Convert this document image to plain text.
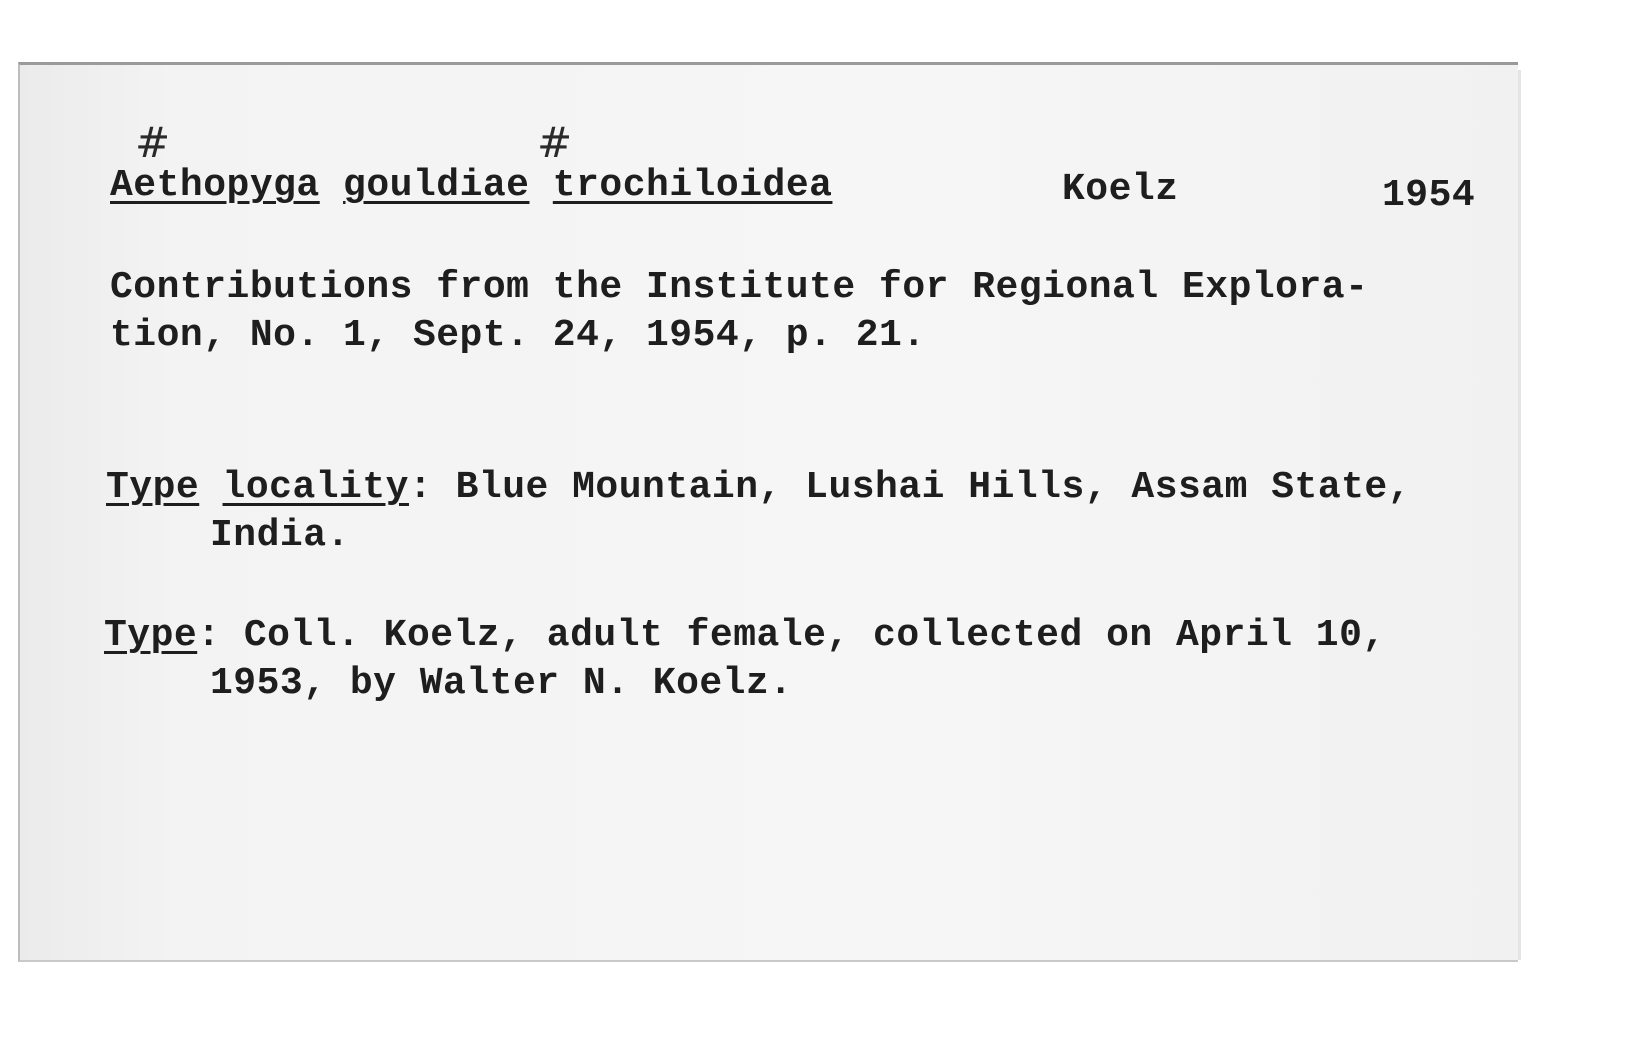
#	#
Aethopyga gouldiae trochiloidea	Koelz	1954
Contributions from the Institute for Regional Explora-
tion, No. 1, Sept. 24, 1954, p. 21.
Type locality: Blue Mountain, Lushai Hills, Assam State,
India.
Type: Coll. Koelz, adult female, collected on April 10,
1953, by Walter N. Koelz.
